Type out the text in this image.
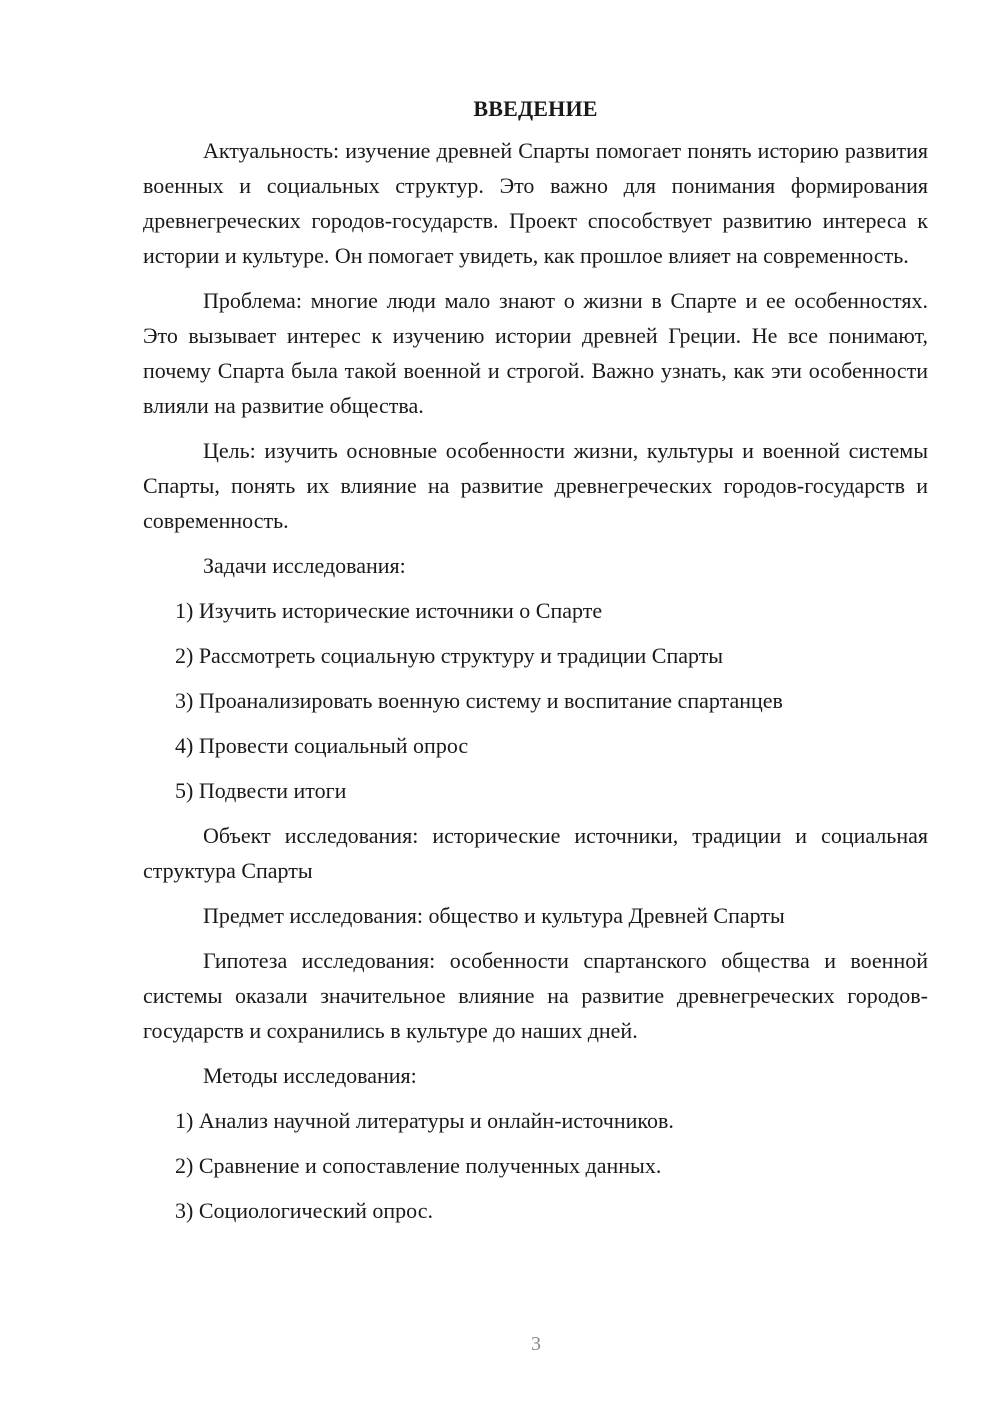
ВВЕДЕНИЕ

Актуальность: изучение древней Спарты помогает понять историю развития военных и социальных структур. Это важно для понимания формирования древнегреческих городов-государств. Проект способствует развитию интереса к истории и культуре. Он помогает увидеть, как прошлое влияет на современность.

Проблема: многие люди мало знают о жизни в Спарте и ее особенностях. Это вызывает интерес к изучению истории древней Греции. Не все понимают, почему Спарта была такой военной и строгой. Важно узнать, как эти особенности влияли на развитие общества.

Цель: изучить основные особенности жизни, культуры и военной системы Спарты, понять их влияние на развитие древнегреческих городов-государств и современность.

Задачи исследования:

1) Изучить исторические источники о Спарте

2) Рассмотреть социальную структуру и традиции Спарты

3) Проанализировать военную систему и воспитание спартанцев

4) Провести социальный опрос

5) Подвести итоги

Объект исследования: исторические источники, традиции и социальная структура Спарты

Предмет исследования: общество и культура Древней Спарты

Гипотеза исследования: особенности спартанского общества и военной системы оказали значительное влияние на развитие древнегреческих городов-государств и сохранились в культуре до наших дней.

Методы исследования:

1) Анализ научной литературы и онлайн-источников.

2) Сравнение и сопоставление полученных данных.

3) Социологический опрос.

3
